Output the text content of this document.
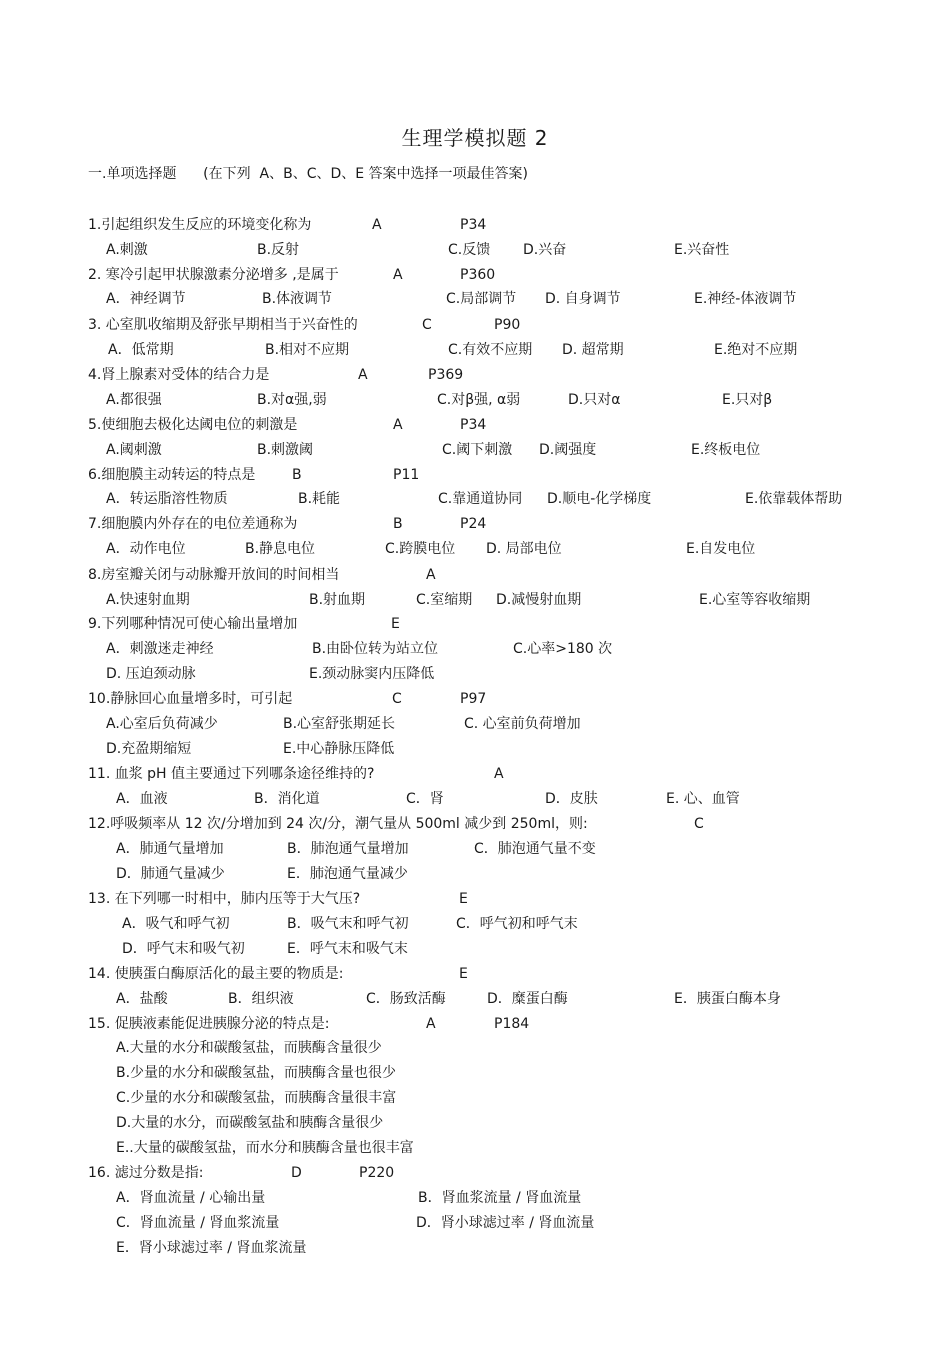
生理学模拟题 2
一.单项选择题      (在下列  A、B、C、D、E 答案中选择一项最佳答案)
1.引起组织发生反应的环境变化称为	A	P34
A.刺激	B.反射	C.反馈 D.兴奋	E.兴奋性
2. 寒冷引起甲状腺激素分泌增多 ,是属于	A	P360
A．神经调节	B.体液调节	C.局部调节 D. 自身调节	E.神经-体液调节
3. 心室肌收缩期及舒张早期相当于兴奋性的	C	P90
A．低常期	B.相对不应期	C.有效不应期 D. 超常期	E.绝对不应期
4.肾上腺素对受体的结合力是	A	P369
A.都很强	B.对α强,弱	C.对β强, α弱	D.只对α	E.只对β
5.使细胞去极化达阈电位的刺激是	A	P34
A.阈刺激	B.刺激阈	C.阈下刺激 D.阈强度	E.终板电位
6.细胞膜主动转运的特点是	B	P11
A．转运脂溶性物质	B.耗能	C.靠通道协同 D.顺电-化学梯度	E.依靠载体帮助
7.细胞膜内外存在的电位差通称为	B	P24
A．动作电位	B.静息电位	C.跨膜电位 D. 局部电位	E.自发电位
8.房室瓣关闭与动脉瓣开放间的时间相当	A
A.快速射血期	B.射血期	C.室缩期 D.减慢射血期	E.心室等容收缩期
9.下列哪种情况可使心输出量增加	E
A．刺激迷走神经	B.由卧位转为站立位	C.心率>180 次
D. 压迫颈动脉	E.颈动脉窦内压降低
10.静脉回心血量增多时，可引起	C	P97
A.心室后负荷减少	B.心室舒张期延长	C. 心室前负荷增加
D.充盈期缩短	E.中心静脉压降低
11. 血浆 pH 值主要通过下列哪条途径维持的?	A
A．血液	B．消化道	C．肾	D．皮肤	E. 心、血管
12.呼吸频率从 12 次/分增加到 24 次/分，潮气量从 500ml 减少到 250ml，则:	C
A．肺通气量增加	B．肺泡通气量增加	C．肺泡通气量不变
D．肺通气量减少	E．肺泡通气量减少
13. 在下列哪一时相中，肺内压等于大气压?	E
A．吸气和呼气初	B．吸气末和呼气初	C．呼气初和呼气末
D．呼气末和吸气初	E．呼气末和吸气末
14. 使胰蛋白酶原活化的最主要的物质是:	E
A．盐酸	B．组织液	C．肠致活酶	D．糜蛋白酶	E．胰蛋白酶本身
15. 促胰液素能促进胰腺分泌的特点是:	A	P184
A.大量的水分和碳酸氢盐，而胰酶含量很少
B.少量的水分和碳酸氢盐，而胰酶含量也很少
C.少量的水分和碳酸氢盐，而胰酶含量很丰富
D.大量的水分，而碳酸氢盐和胰酶含量很少
E..大量的碳酸氢盐，而水分和胰酶含量也很丰富
16. 滤过分数是指:	D	P220
A．肾血流量 / 心输出量	B．肾血浆流量 / 肾血流量
C．肾血流量 / 肾血浆流量	D．肾小球滤过率 / 肾血流量
E．肾小球滤过率 / 肾血浆流量
